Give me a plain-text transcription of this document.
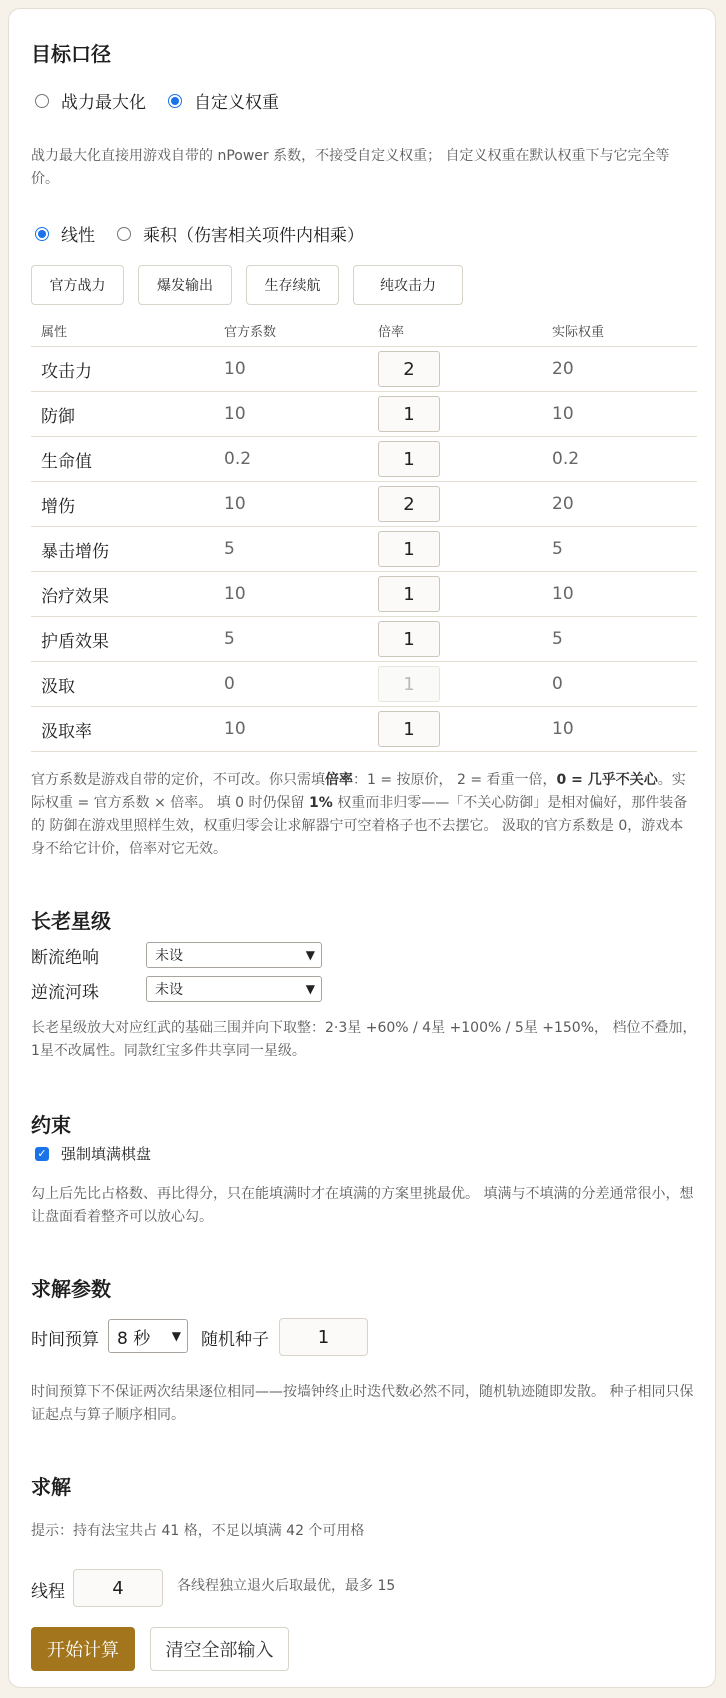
目标口径
战力最大化	自定义权重
战力最大化直接用游戏自带的 nPower 系数，不接受自定义权重； 自定义权重在默认权重下与它完全等价。
线性	乘积（伤害相关项件内相乘）
官方战力	爆发输出	生存续航	纯攻击力
属性	官方系数	倍率	实际权重
攻击力	10	2	20
防御	10	1	10
生命值	0.2	1	0.2
增伤	10	2	20
暴击增伤	5	1	5
治疗效果	10	1	10
护盾效果	5	1	5
汲取	0	1	0
汲取率	10	1	10
官方系数是游戏自带的定价，不可改。你只需填倍率：1 = 按原价， 2 = 看重一倍，0 = 几乎不关心。实际权重 = 官方系数 × 倍率。 填 0 时仍保留 1% 权重而非归零——「不关心防御」是相对偏好，那件装备的 防御在游戏里照样生效，权重归零会让求解器宁可空着格子也不去摆它。 汲取的官方系数是 0，游戏本身不给它计价，倍率对它无效。
长老星级
断流绝响	未设	▼
逆流河珠	未设	▼
长老星级放大对应红武的基础三围并向下取整：2·3星 +60% / 4星 +100% / 5星 +150%， 档位不叠加，1星不改属性。同款红宝多件共享同一星级。
约束
✓ 强制填满棋盘
勾上后先比占格数、再比得分，只在能填满时才在填满的方案里挑最优。 填满与不填满的分差通常很小，想让盘面看着整齐可以放心勾。
求解参数
时间预算 8 秒 ▼ 随机种子	1
时间预算下不保证两次结果逐位相同——按墙钟终止时迭代数必然不同，随机轨迹随即发散。 种子相同只保证起点与算子顺序相同。
求解
提示：持有法宝共占 41 格，不足以填满 42 个可用格
线程	4	各线程独立退火后取最优，最多 15
开始计算	清空全部输入
